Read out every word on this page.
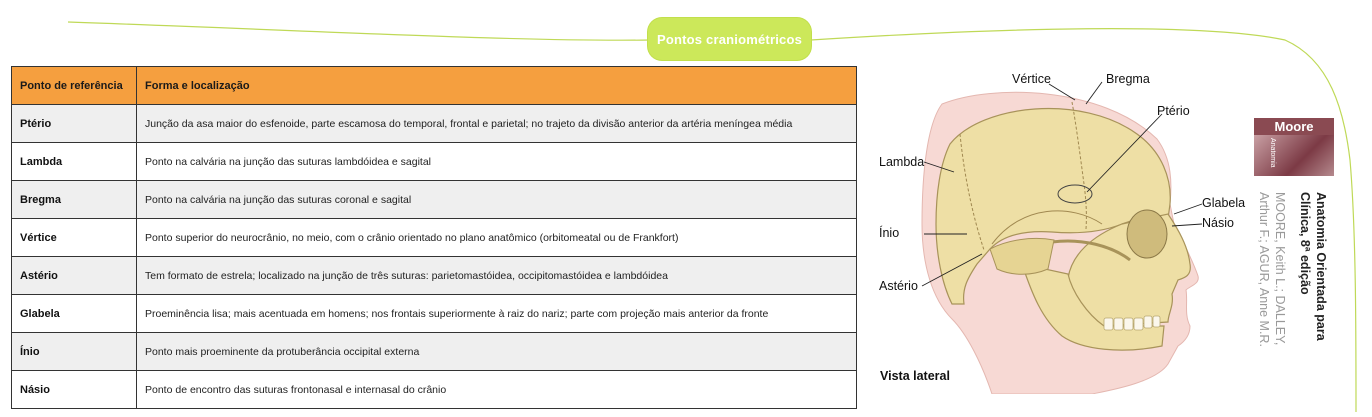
Pontos craniométricos
Ponto de referência	Forma e localização
Ptério	Junção da asa maior do esfenoide, parte escamosa do temporal, frontal e parietal; no trajeto da divisão anterior da artéria meníngea média
Lambda	Ponto na calvária na junção das suturas lambdóidea e sagital
Bregma	Ponto na calvária na junção das suturas coronal e sagital
Vértice	Ponto superior do neurocrânio, no meio, com o crânio orientado no plano anatômico (orbitomeatal ou de Frankfort)
Astério	Tem formato de estrela; localizado na junção de três suturas: parietomastóidea, occipitomastóidea e lambdóidea
Glabela	Proeminência lisa; mais acentuada em homens; nos frontais superiormente à raiz do nariz; parte com projeção mais anterior da fronte
Ínio	Ponto mais proeminente da protuberância occipital externa
Násio	Ponto de encontro das suturas frontonasal e internasal do crânio
Vértice	Bregma
Ptério
Lambda
Glabela
Násio
Ínio
Astério
Vista lateral
Moore
Anatomia
Anatomia Orientada para
Clínica, 8ª edição
MOORE, Keith L.; DALLEY,
Arthur F.; AGUR, Anne M.R.
